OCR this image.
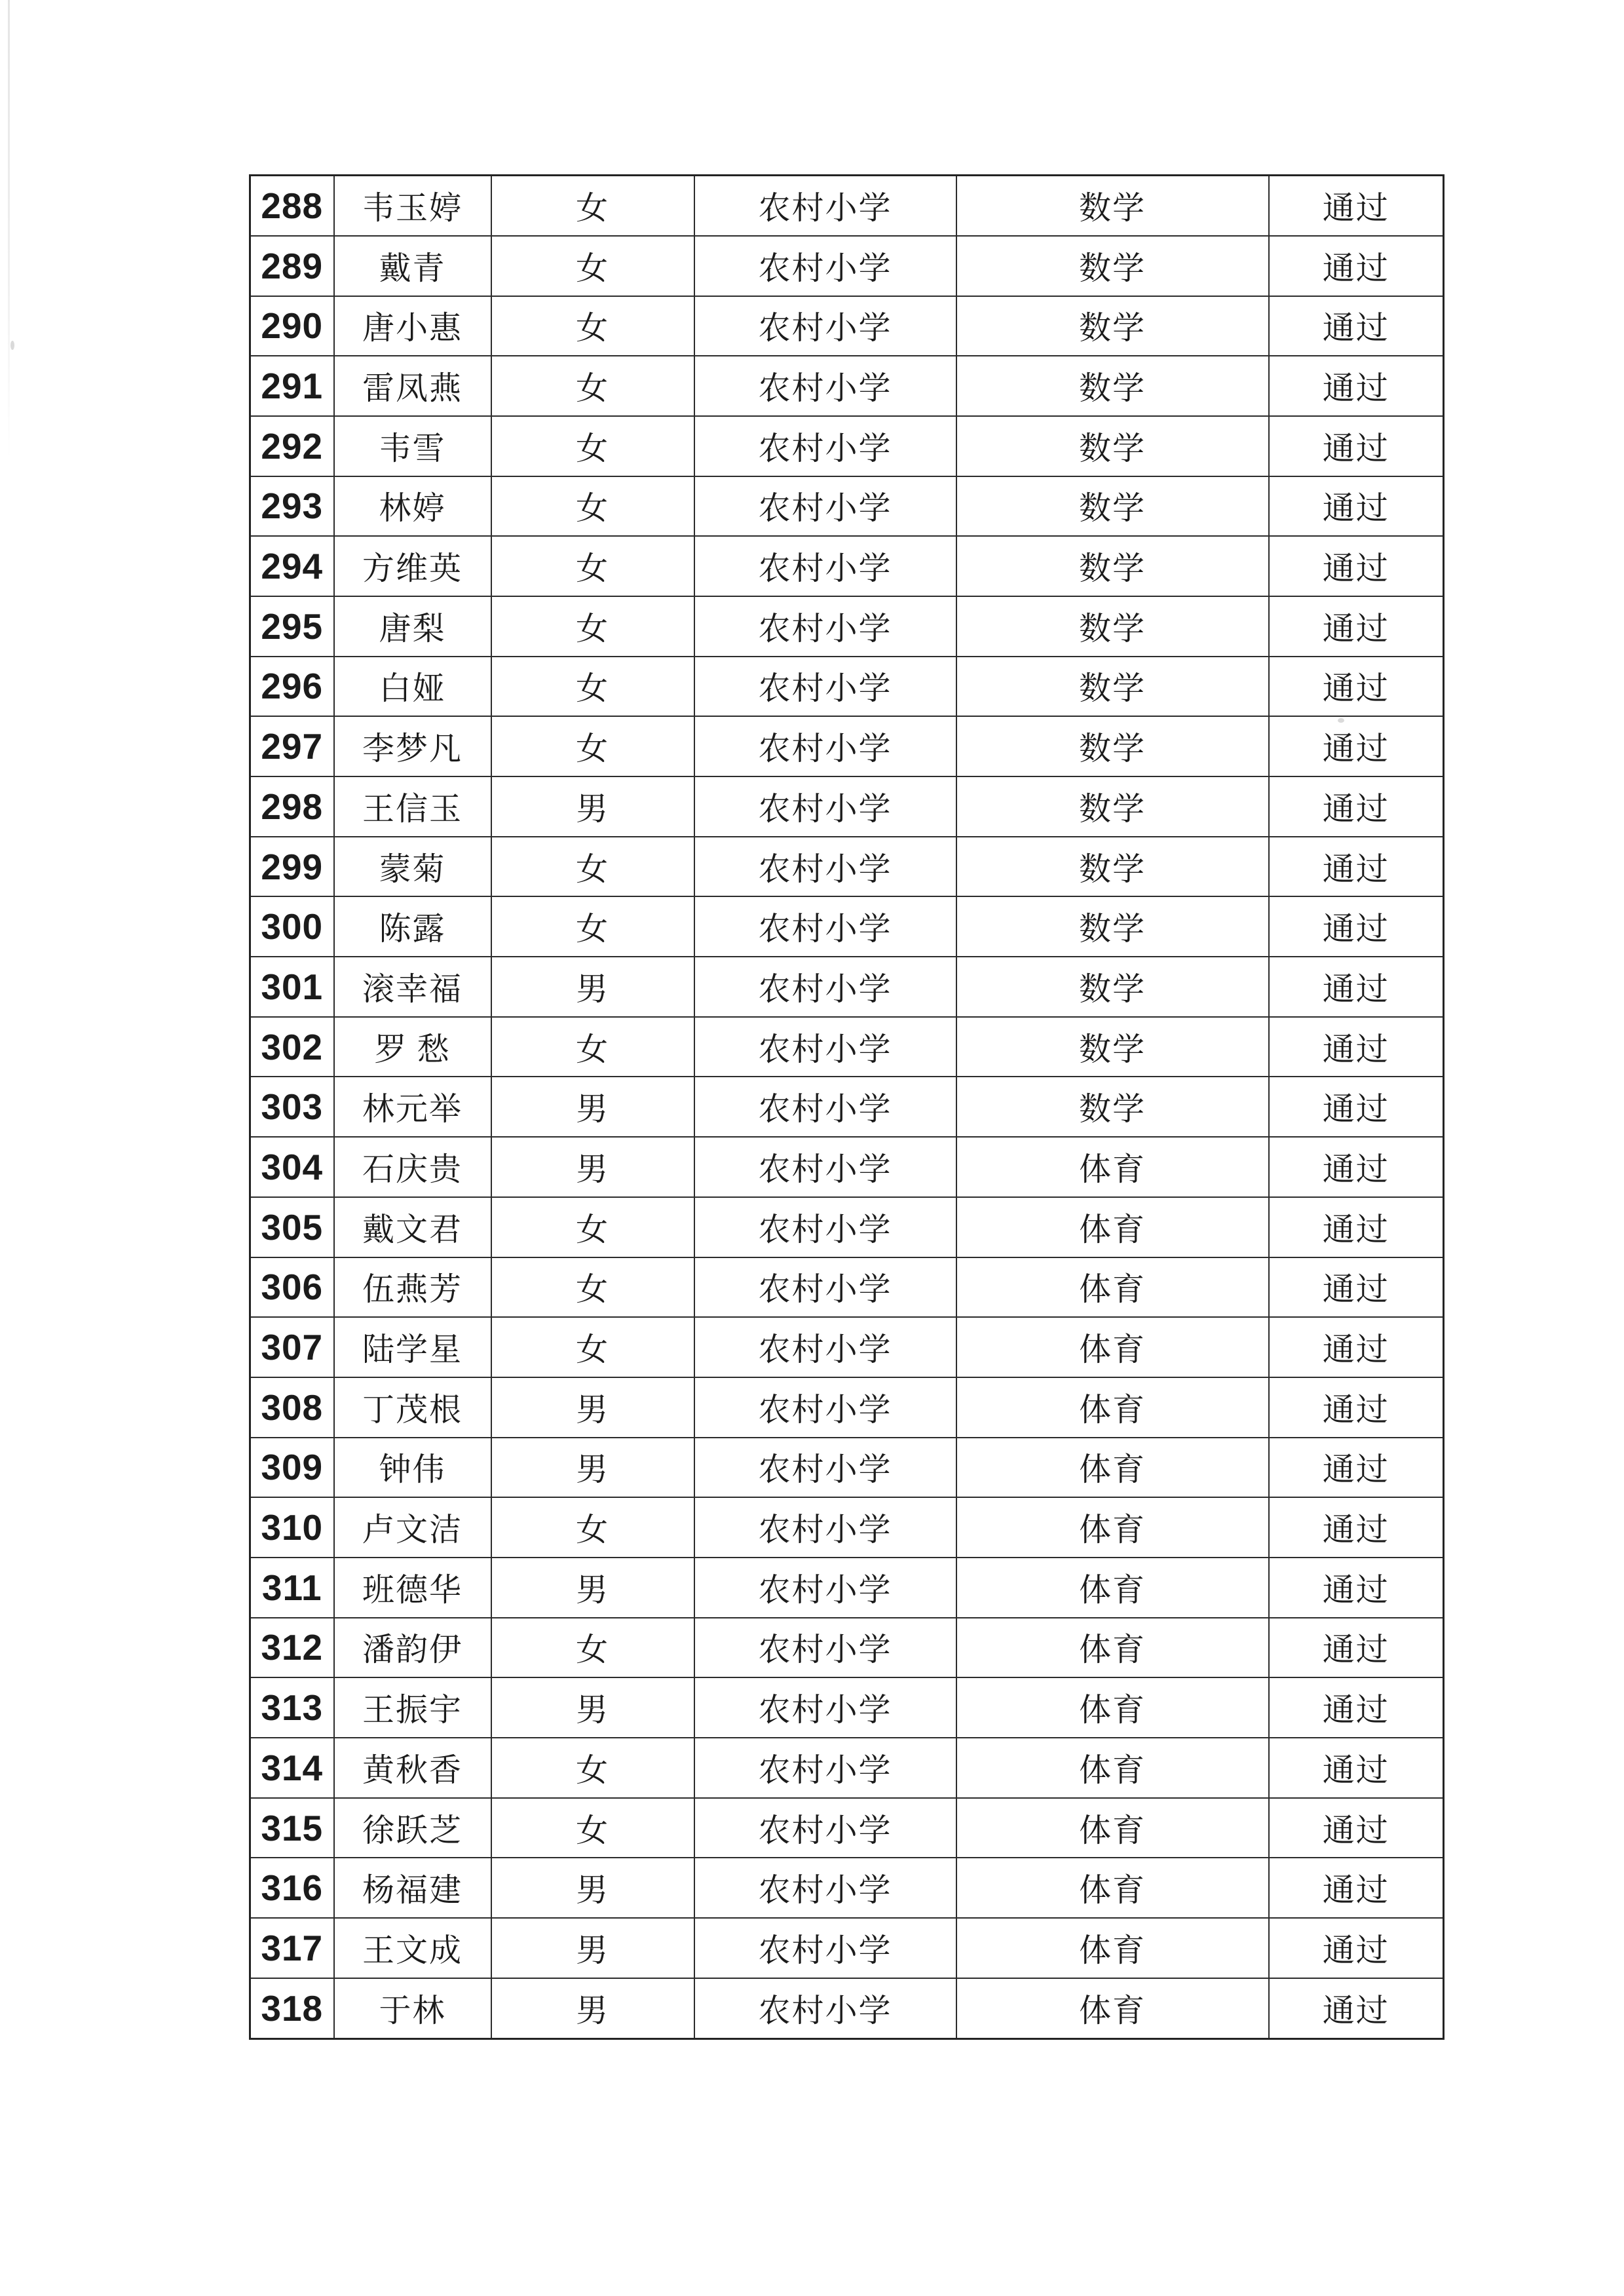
288	韦玉婷	女	农村小学	数学	通过
289	戴青	女	农村小学	数学	通过
290	唐小惠	女	农村小学	数学	通过
291	雷凤燕	女	农村小学	数学	通过
292	韦雪	女	农村小学	数学	通过
293	林婷	女	农村小学	数学	通过
294	方维英	女	农村小学	数学	通过
295	唐梨	女	农村小学	数学	通过
296	白娅	女	农村小学	数学	通过
297	李梦凡	女	农村小学	数学	通过
298	王信玉	男	农村小学	数学	通过
299	蒙菊	女	农村小学	数学	通过
300	陈露	女	农村小学	数学	通过
301	滚幸福	男	农村小学	数学	通过
302	罗 愁	女	农村小学	数学	通过
303	林元举	男	农村小学	数学	通过
304	石庆贵	男	农村小学	体育	通过
305	戴文君	女	农村小学	体育	通过
306	伍燕芳	女	农村小学	体育	通过
307	陆学星	女	农村小学	体育	通过
308	丁茂根	男	农村小学	体育	通过
309	钟伟	男	农村小学	体育	通过
310	卢文洁	女	农村小学	体育	通过
311	班德华	男	农村小学	体育	通过
312	潘韵伊	女	农村小学	体育	通过
313	王振宇	男	农村小学	体育	通过
314	黄秋香	女	农村小学	体育	通过
315	徐跃芝	女	农村小学	体育	通过
316	杨福建	男	农村小学	体育	通过
317	王文成	男	农村小学	体育	通过
318	于林	男	农村小学	体育	通过
